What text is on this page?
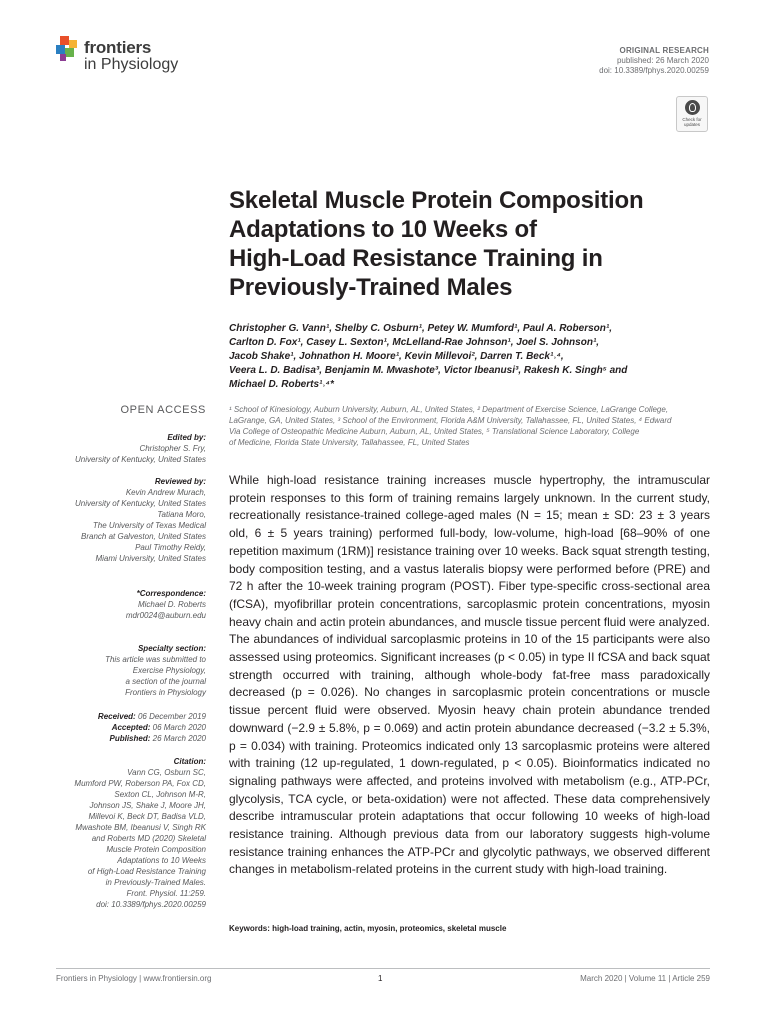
frontiers
in Physiology
ORIGINAL RESEARCH
published: 26 March 2020
doi: 10.3389/fphys.2020.00259
Check for
updates
Skeletal Muscle Protein Composition
Adaptations to 10 Weeks of
High-Load Resistance Training in
Previously-Trained Males
Christopher G. Vann¹, Shelby C. Osburn¹, Petey W. Mumford¹, Paul A. Roberson¹,
Carlton D. Fox¹, Casey L. Sexton¹, McLelland-Rae Johnson¹, Joel S. Johnson¹,
Jacob Shake¹, Johnathon H. Moore¹, Kevin Millevoi², Darren T. Beck¹˒⁴,
Veera L. D. Badisa³, Benjamin M. Mwashote³, Victor Ibeanusi³, Rakesh K. Singh⁵ and
Michael D. Roberts¹˒⁴*
¹ School of Kinesiology, Auburn University, Auburn, AL, United States, ² Department of Exercise Science, LaGrange College,
LaGrange, GA, United States, ³ School of the Environment, Florida A&M University, Tallahassee, FL, United States, ⁴ Edward
Via College of Osteopathic Medicine Auburn, Auburn, AL, United States, ⁵ Translational Science Laboratory, College
of Medicine, Florida State University, Tallahassee, FL, United States
OPEN ACCESS
Edited by:
Christopher S. Fry,
University of Kentucky, United States
Reviewed by:
Kevin Andrew Murach,
University of Kentucky, United States
Tatiana Moro,
The University of Texas Medical
Branch at Galveston, United States
Paul Timothy Reidy,
Miami University, United States
*Correspondence:
Michael D. Roberts
mdr0024@auburn.edu
Specialty section:
This article was submitted to
Exercise Physiology,
a section of the journal
Frontiers in Physiology
Received: 06 December 2019
Accepted: 06 March 2020
Published: 26 March 2020
Citation:
Vann CG, Osburn SC,
Mumford PW, Roberson PA, Fox CD,
Sexton CL, Johnson M-R,
Johnson JS, Shake J, Moore JH,
Millevoi K, Beck DT, Badisa VLD,
Mwashote BM, Ibeanusi V, Singh RK
and Roberts MD (2020) Skeletal
Muscle Protein Composition
Adaptations to 10 Weeks
of High-Load Resistance Training
in Previously-Trained Males.
Front. Physiol. 11:259.
doi: 10.3389/fphys.2020.00259
While high-load resistance training increases muscle hypertrophy, the intramuscular protein responses to this form of training remains largely unknown. In the current study, recreationally resistance-trained college-aged males (N = 15; mean ± SD: 23 ± 3 years old, 6 ± 5 years training) performed full-body, low-volume, high-load [68–90% of one repetition maximum (1RM)] resistance training over 10 weeks. Back squat strength testing, body composition testing, and a vastus lateralis biopsy were performed before (PRE) and 72 h after the 10-week training program (POST). Fiber type-specific cross-sectional area (fCSA), myofibrillar protein concentrations, sarcoplasmic protein concentrations, myosin heavy chain and actin protein abundances, and muscle tissue percent fluid were analyzed. The abundances of individual sarcoplasmic proteins in 10 of the 15 participants were also assessed using proteomics. Significant increases (p < 0.05) in type II fCSA and back squat strength occurred with training, although whole-body fat-free mass paradoxically decreased (p = 0.026). No changes in sarcoplasmic protein concentrations or muscle tissue percent fluid were observed. Myosin heavy chain protein abundance trended downward (−2.9 ± 5.8%, p = 0.069) and actin protein abundance decreased (−3.2 ± 5.3%, p = 0.034) with training. Proteomics indicated only 13 sarcoplasmic proteins were altered with training (12 up-regulated, 1 down-regulated, p < 0.05). Bioinformatics indicated no signaling pathways were affected, and proteins involved with metabolism (e.g., ATP-PCr, glycolysis, TCA cycle, or beta-oxidation) were not affected. These data comprehensively describe intramuscular protein adaptations that occur following 10 weeks of high-load resistance training. Although previous data from our laboratory suggests high-volume resistance training enhances the ATP-PCr and glycolytic pathways, we observed different changes in metabolism-related proteins in the current study with high-load training.
Keywords: high-load training, actin, myosin, proteomics, skeletal muscle
Frontiers in Physiology | www.frontiersin.org	1	March 2020 | Volume 11 | Article 259
